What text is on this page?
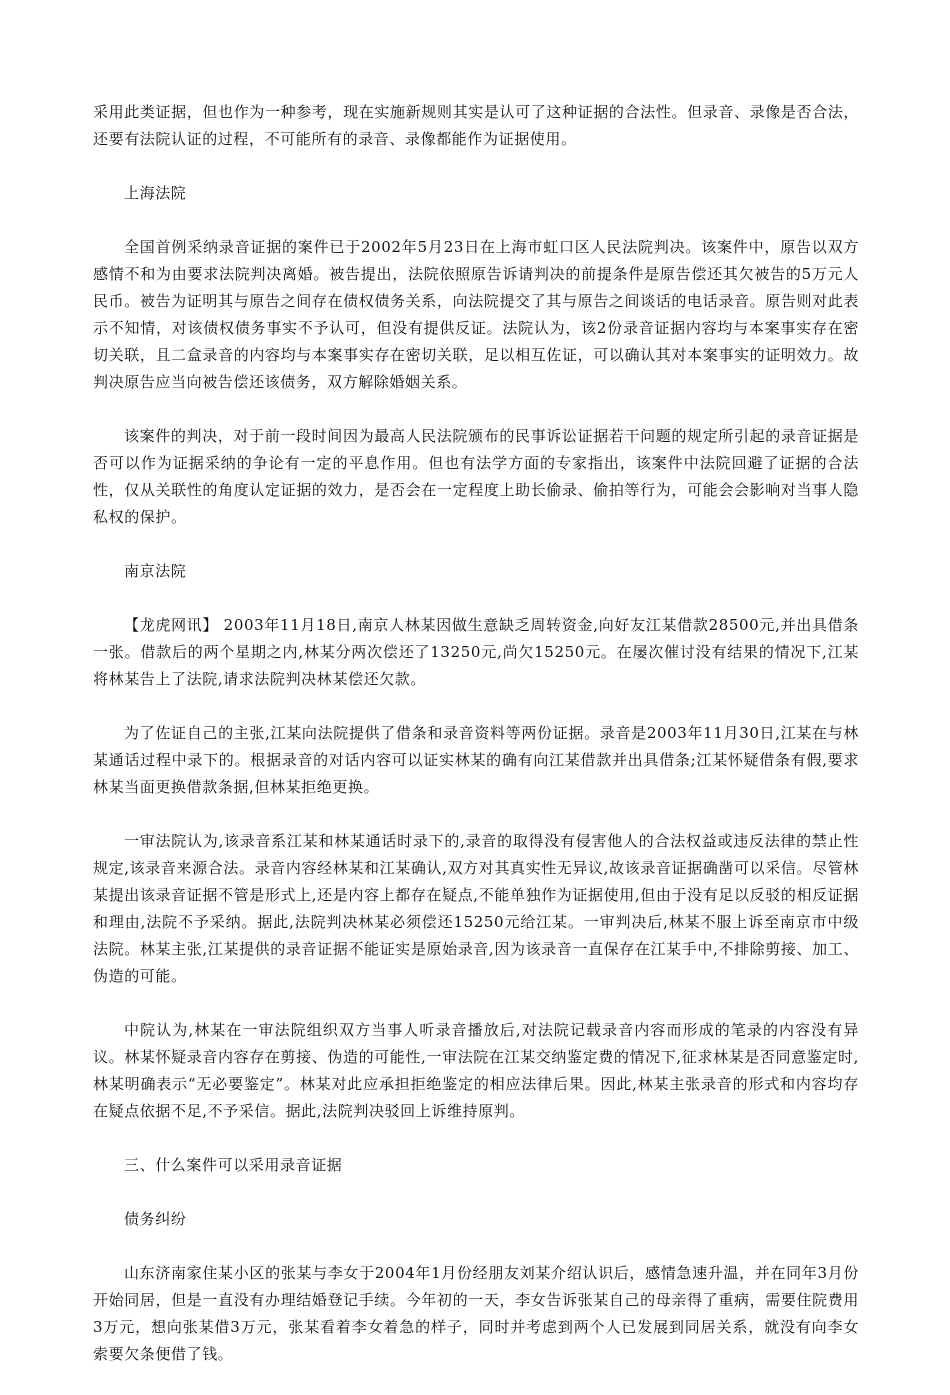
采用此类证据，但也作为一种参考，现在实施新规则其实是认可了这种证据的合法性。但录音、录像是否合法，还要有法院认证的过程，不可能所有的录音、录像都能作为证据使用。

上海法院

全国首例采纳录音证据的案件已于2002年5月23日在上海市虹口区人民法院判决。该案件中，原告以双方感情不和为由要求法院判决离婚。被告提出，法院依照原告诉请判决的前提条件是原告偿还其欠被告的5万元人民币。被告为证明其与原告之间存在债权债务关系，向法院提交了其与原告之间谈话的电话录音。原告则对此表示不知情，对该债权债务事实不予认可，但没有提供反证。法院认为，该2份录音证据内容均与本案事实存在密切关联，且二盒录音的内容均与本案事实存在密切关联，足以相互佐证，可以确认其对本案事实的证明效力。故判决原告应当向被告偿还该债务，双方解除婚姻关系。

该案件的判决，对于前一段时间因为最高人民法院颁布的民事诉讼证据若干问题的规定所引起的录音证据是否可以作为证据采纳的争论有一定的平息作用。但也有法学方面的专家指出，该案件中法院回避了证据的合法性，仅从关联性的角度认定证据的效力，是否会在一定程度上助长偷录、偷拍等行为，可能会会影响对当事人隐私权的保护。

南京法院

【龙虎网讯】 2003年11月18日,南京人林某因做生意缺乏周转资金,向好友江某借款28500元,并出具借条一张。借款后的两个星期之内,林某分两次偿还了13250元,尚欠15250元。在屡次催讨没有结果的情况下,江某将林某告上了法院,请求法院判决林某偿还欠款。

为了佐证自己的主张,江某向法院提供了借条和录音资料等两份证据。录音是2003年11月30日,江某在与林某通话过程中录下的。根据录音的对话内容可以证实林某的确有向江某借款并出具借条;江某怀疑借条有假,要求林某当面更换借款条据,但林某拒绝更换。

一审法院认为,该录音系江某和林某通话时录下的,录音的取得没有侵害他人的合法权益或违反法律的禁止性规定,该录音来源合法。录音内容经林某和江某确认,双方对其真实性无异议,故该录音证据确凿可以采信。尽管林某提出该录音证据不管是形式上,还是内容上都存在疑点,不能单独作为证据使用,但由于没有足以反驳的相反证据和理由,法院不予采纳。据此,法院判决林某必须偿还15250元给江某。一审判决后,林某不服上诉至南京市中级法院。林某主张,江某提供的录音证据不能证实是原始录音,因为该录音一直保存在江某手中,不排除剪接、加工、伪造的可能。

中院认为,林某在一审法院组织双方当事人听录音播放后,对法院记载录音内容而形成的笔录的内容没有异议。林某怀疑录音内容存在剪接、伪造的可能性,一审法院在江某交纳鉴定费的情况下,征求林某是否同意鉴定时,林某明确表示“无必要鉴定”。林某对此应承担拒绝鉴定的相应法律后果。因此,林某主张录音的形式和内容均存在疑点依据不足,不予采信。据此,法院判决驳回上诉维持原判。

三、什么案件可以采用录音证据

债务纠纷

山东济南家住某小区的张某与李女于2004年1月份经朋友刘某介绍认识后，感情急速升温，并在同年3月份开始同居，但是一直没有办理结婚登记手续。今年初的一天，李女告诉张某自己的母亲得了重病，需要住院费用3万元，想向张某借3万元，张某看着李女着急的样子，同时并考虑到两个人已发展到同居关系，就没有向李女索要欠条便借了钱。
